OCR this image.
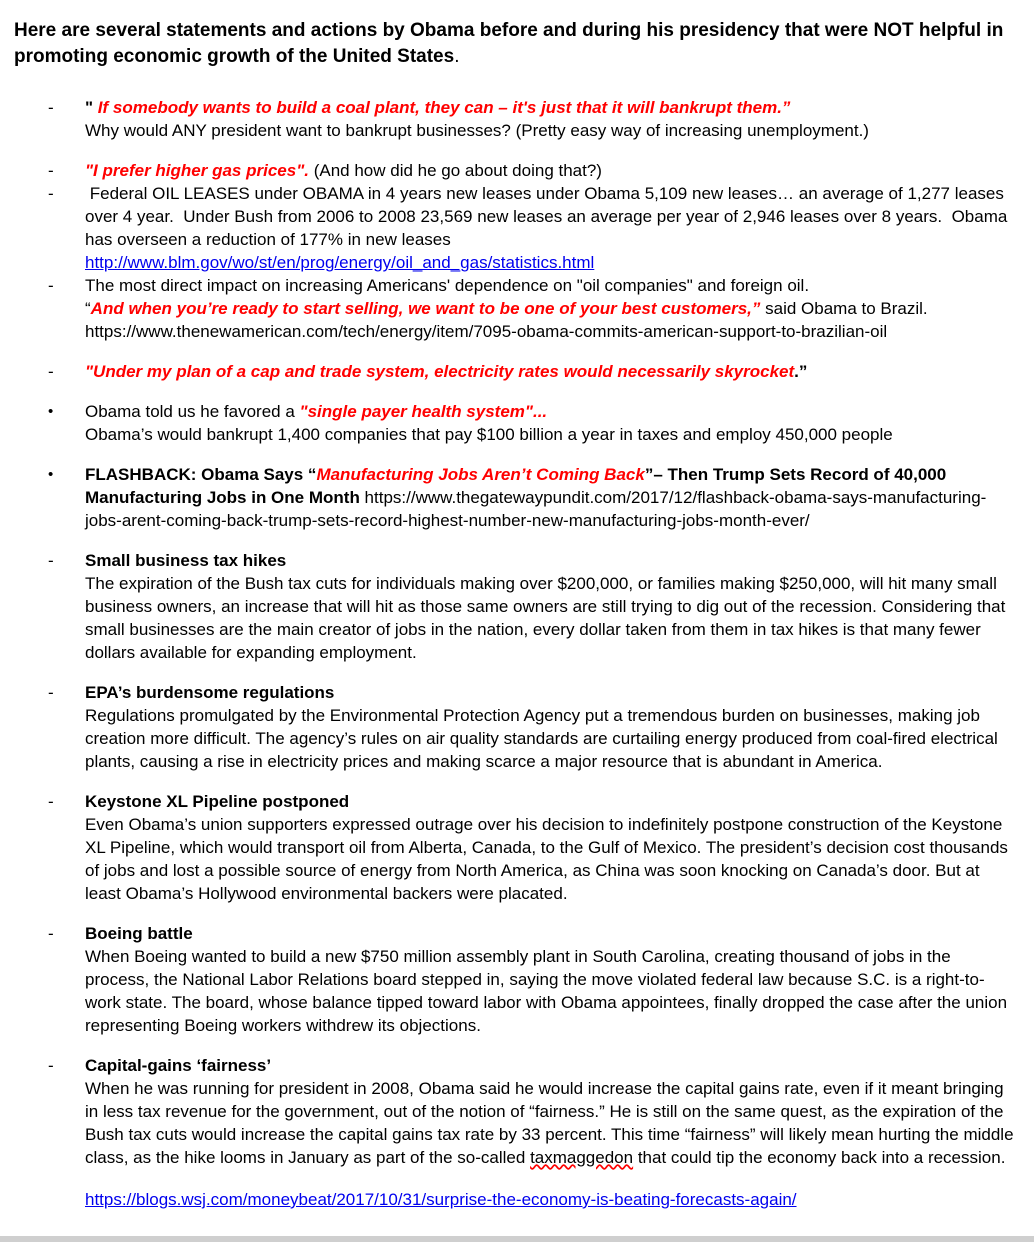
Here are several statements and actions by Obama before and during his presidency that were NOT helpful in promoting economic growth of the United States.
-	" If somebody wants to build a coal plant, they can – it's just that it will bankrupt them.”
Why would ANY president want to bankrupt businesses? (Pretty easy way of increasing unemployment.)
-	"I prefer higher gas prices". (And how did he go about doing that?)
-	Federal OIL LEASES under OBAMA in 4 years new leases under Obama 5,109 new leases… an average of 1,277 leases over 4 year.  Under Bush from 2006 to 2008 23,569 new leases an average per year of 2,946 leases over 8 years.  Obama has overseen a reduction of 177% in new leases
http://www.blm.gov/wo/st/en/prog/energy/oil_and_gas/statistics.html
-	The most direct impact on increasing Americans' dependence on "oil companies" and foreign oil.
“And when you’re ready to start selling, we want to be one of your best customers,” said Obama to Brazil.
https://www.thenewamerican.com/tech/energy/item/7095-obama-commits-american-support-to-brazilian-oil
-	"Under my plan of a cap and trade system, electricity rates would necessarily skyrocket.”
•	Obama told us he favored a "single payer health system"...
Obama’s would bankrupt 1,400 companies that pay $100 billion a year in taxes and employ 450,000 people
•	FLASHBACK: Obama Says “Manufacturing Jobs Aren’t Coming Back”– Then Trump Sets Record of 40,000 Manufacturing Jobs in One Month https://www.thegatewaypundit.com/2017/12/flashback-obama-says-manufacturing-jobs-arent-coming-back-trump-sets-record-highest-number-new-manufacturing-jobs-month-ever/
-	Small business tax hikes
The expiration of the Bush tax cuts for individuals making over $200,000, or families making $250,000, will hit many small business owners, an increase that will hit as those same owners are still trying to dig out of the recession. Considering that small businesses are the main creator of jobs in the nation, every dollar taken from them in tax hikes is that many fewer dollars available for expanding employment.
-	EPA’s burdensome regulations
Regulations promulgated by the Environmental Protection Agency put a tremendous burden on businesses, making job creation more difficult. The agency’s rules on air quality standards are curtailing energy produced from coal-fired electrical plants, causing a rise in electricity prices and making scarce a major resource that is abundant in America.
-	Keystone XL Pipeline postponed
Even Obama’s union supporters expressed outrage over his decision to indefinitely postpone construction of the Keystone XL Pipeline, which would transport oil from Alberta, Canada, to the Gulf of Mexico. The president’s decision cost thousands of jobs and lost a possible source of energy from North America, as China was soon knocking on Canada’s door. But at least Obama’s Hollywood environmental backers were placated.
-	Boeing battle
When Boeing wanted to build a new $750 million assembly plant in South Carolina, creating thousand of jobs in the process, the National Labor Relations board stepped in, saying the move violated federal law because S.C. is a right-to-work state. The board, whose balance tipped toward labor with Obama appointees, finally dropped the case after the union representing Boeing workers withdrew its objections.
-	Capital-gains ‘fairness’
When he was running for president in 2008, Obama said he would increase the capital gains rate, even if it meant bringing in less tax revenue for the government, out of the notion of “fairness.” He is still on the same quest, as the expiration of the Bush tax cuts would increase the capital gains tax rate by 33 percent. This time “fairness” will likely mean hurting the middle class, as the hike looms in January as part of the so-called taxmaggedon that could tip the economy back into a recession.
https://blogs.wsj.com/moneybeat/2017/10/31/surprise-the-economy-is-beating-forecasts-again/
